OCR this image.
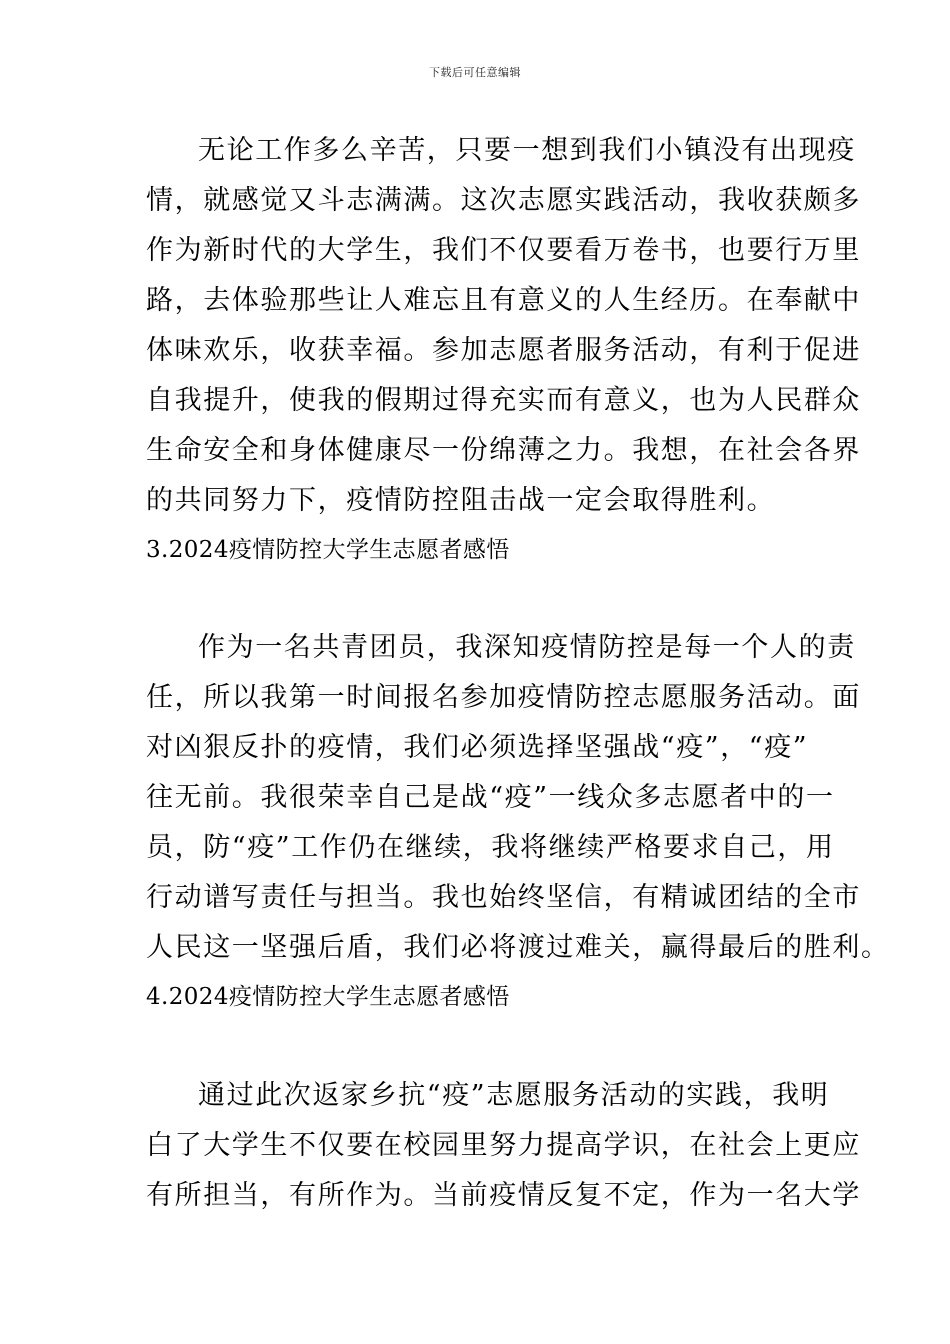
下载后可任意编辑
无论工作多么辛苦，只要一想到我们小镇没有出现疫
情，就感觉又斗志满满。这次志愿实践活动，我收获颇多
作为新时代的大学生，我们不仅要看万卷书，也要行万里
路，去体验那些让人难忘且有意义的人生经历。在奉献中
体味欢乐，收获幸福。参加志愿者服务活动，有利于促进
自我提升，使我的假期过得充实而有意义，也为人民群众
生命安全和身体健康尽一份绵薄之力。我想，在社会各界
的共同努力下，疫情防控阻击战一定会取得胜利。
3.2024疫情防控大学生志愿者感悟
作为一名共青团员，我深知疫情防控是每一个人的责
任，所以我第一时间报名参加疫情防控志愿服务活动。面
对凶狠反扑的疫情，我们必须选择坚强战“疫”，“疫”
往无前。我很荣幸自己是战“疫”一线众多志愿者中的一
员，防“疫”工作仍在继续，我将继续严格要求自己，用
行动谱写责任与担当。我也始终坚信，有精诚团结的全市
人民这一坚强后盾，我们必将渡过难关，赢得最后的胜利。
4.2024疫情防控大学生志愿者感悟
通过此次返家乡抗“疫”志愿服务活动的实践，我明
白了大学生不仅要在校园里努力提高学识，在社会上更应
有所担当，有所作为。当前疫情反复不定，作为一名大学
